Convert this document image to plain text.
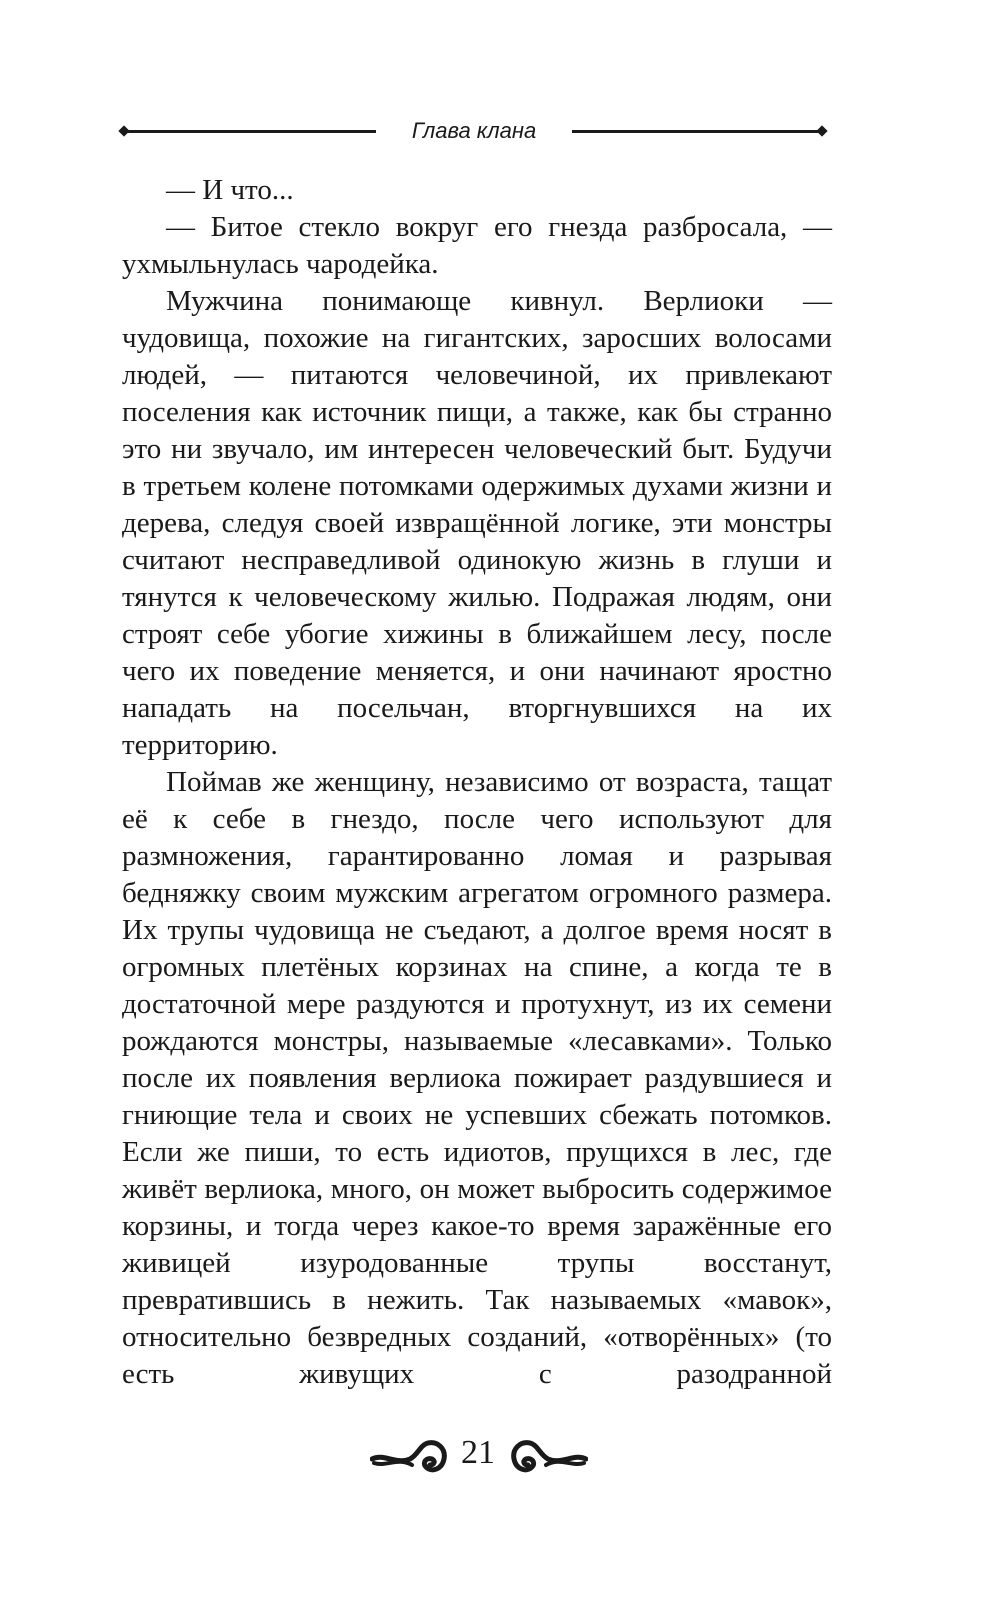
Глава клана

— И что...

— Битое стекло вокруг его гнезда разбросала, — ухмыльнулась чародейка.

Мужчина понимающе кивнул. Верлиоки — чудовища, похожие на гигантских, заросших волосами людей, — питаются человечиной, их привлекают поселения как источник пищи, а также, как бы странно это ни звучало, им интересен человеческий быт. Будучи в третьем колене потомками одержимых духами жизни и дерева, следуя своей извращённой логике, эти монстры считают несправедливой одинокую жизнь в глуши и тянутся к человеческому жилью. Подражая людям, они строят себе убогие хижины в ближайшем лесу, после чего их поведение меняется, и они начинают яростно нападать на посельчан, вторгнувшихся на их территорию.

Поймав же женщину, независимо от возраста, тащат её к себе в гнездо, после чего используют для размножения, гарантированно ломая и разрывая бедняжку своим мужским агрегатом огромного размера. Их трупы чудовища не съедают, а долгое время носят в огромных плетёных корзинах на спине, а когда те в достаточной мере раздуются и протухнут, из их семени рождаются монстры, называемые «лесавками». Только после их появления верлиока пожирает раздувшиеся и гниющие тела и своих не успевших сбежать потомков. Если же пиши, то есть идиотов, прущихся в лес, где живёт верлиока, много, он может выбросить содержимое корзины, и тогда через какое-то время заражённые его живицей изуродованные трупы восстанут, превратившись в нежить. Так называемых «мавок», относительно безвредных созданий, «отворённых» (то есть живущих с разодранной

21
